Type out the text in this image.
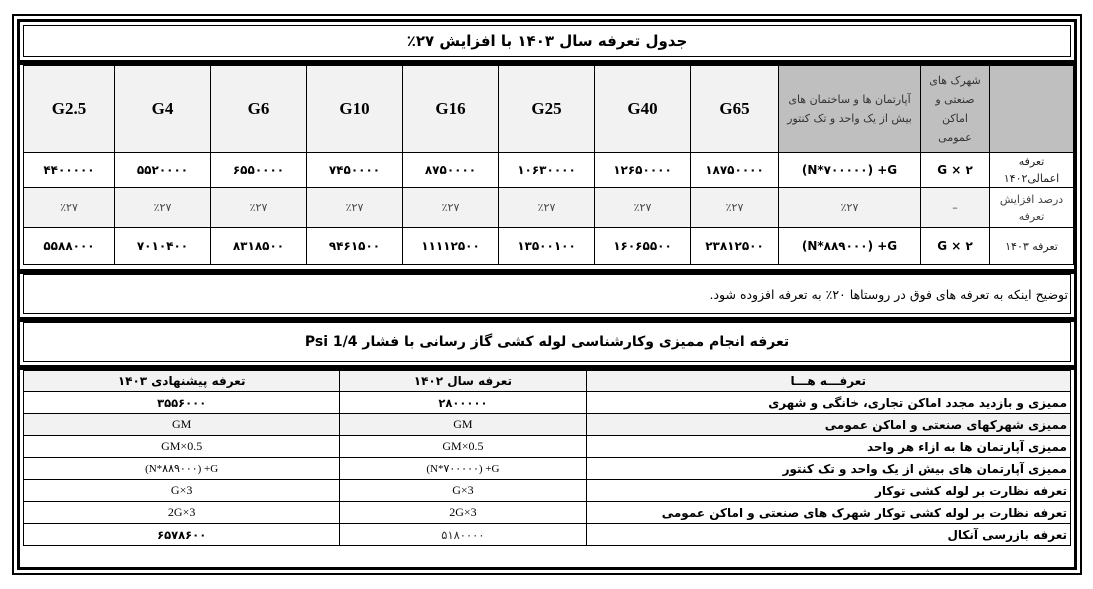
جدول تعرفه سال ۱۴۰۳ با افزایش ۲۷٪
G2.5	G4	G6	G10	G16	G25	G40	G65	آپارتمان ها و ساختمان های بیش از یک واحد و تک کنتور	شهرک های صنعتی و اماکن عمومی	
۴۴۰۰۰۰۰	۵۵۲۰۰۰۰	۶۵۵۰۰۰۰	۷۴۵۰۰۰۰	۸۷۵۰۰۰۰	۱۰۶۳۰۰۰۰	۱۲۶۵۰۰۰۰	۱۸۷۵۰۰۰۰	(N*۷۰۰۰۰۰) +G	G × ۲	تعرفه اعمالی۱۴۰۲
٪۲۷	٪۲۷	٪۲۷	٪۲۷	٪۲۷	٪۲۷	٪۲۷	٪۲۷	٪۲۷	–	درصد افزایش تعرفه
۵۵۸۸۰۰۰	۷۰۱۰۴۰۰	۸۳۱۸۵۰۰	۹۴۶۱۵۰۰	۱۱۱۱۲۵۰۰	۱۳۵۰۰۱۰۰	۱۶۰۶۵۵۰۰	۲۳۸۱۲۵۰۰	(N*۸۸۹۰۰۰) +G	G × ۲	تعرفه ۱۴۰۳
توضیح اینکه به تعرفه های فوق در روستاها ۲۰٪ به تعرفه افزوده شود.
تعرفه انجام ممیزی وکارشناسی لوله کشی گاز رسانی با فشار 1/4 Psi
تعرفه پیشنهادی ۱۴۰۳	تعرفه سال ۱۴۰۲	تعرفـــه هـــا
۳۵۵۶۰۰۰	۲۸۰۰۰۰۰	ممیزی و بازدید مجدد اماکن تجاری، خانگی و شهری
GM	GM	ممیزی شهرکهای صنعتی و اماکن عمومی
GM×0.5	GM×0.5	ممیزی آپارتمان ها به ازاء هر واحد
(N*۸۸۹۰۰۰) +G	(N*۷۰۰۰۰۰) +G	ممیزی آپارتمان های بیش از یک واحد و تک کنتور
G×3	G×3	تعرفه نظارت بر لوله کشی توکار
2G×3	2G×3	تعرفه نظارت بر لوله کشی توکار شهرک های صنعتی و اماکن عمومی
۶۵۷۸۶۰۰	۵۱۸۰۰۰۰	تعرفه بازرسی آنکال
